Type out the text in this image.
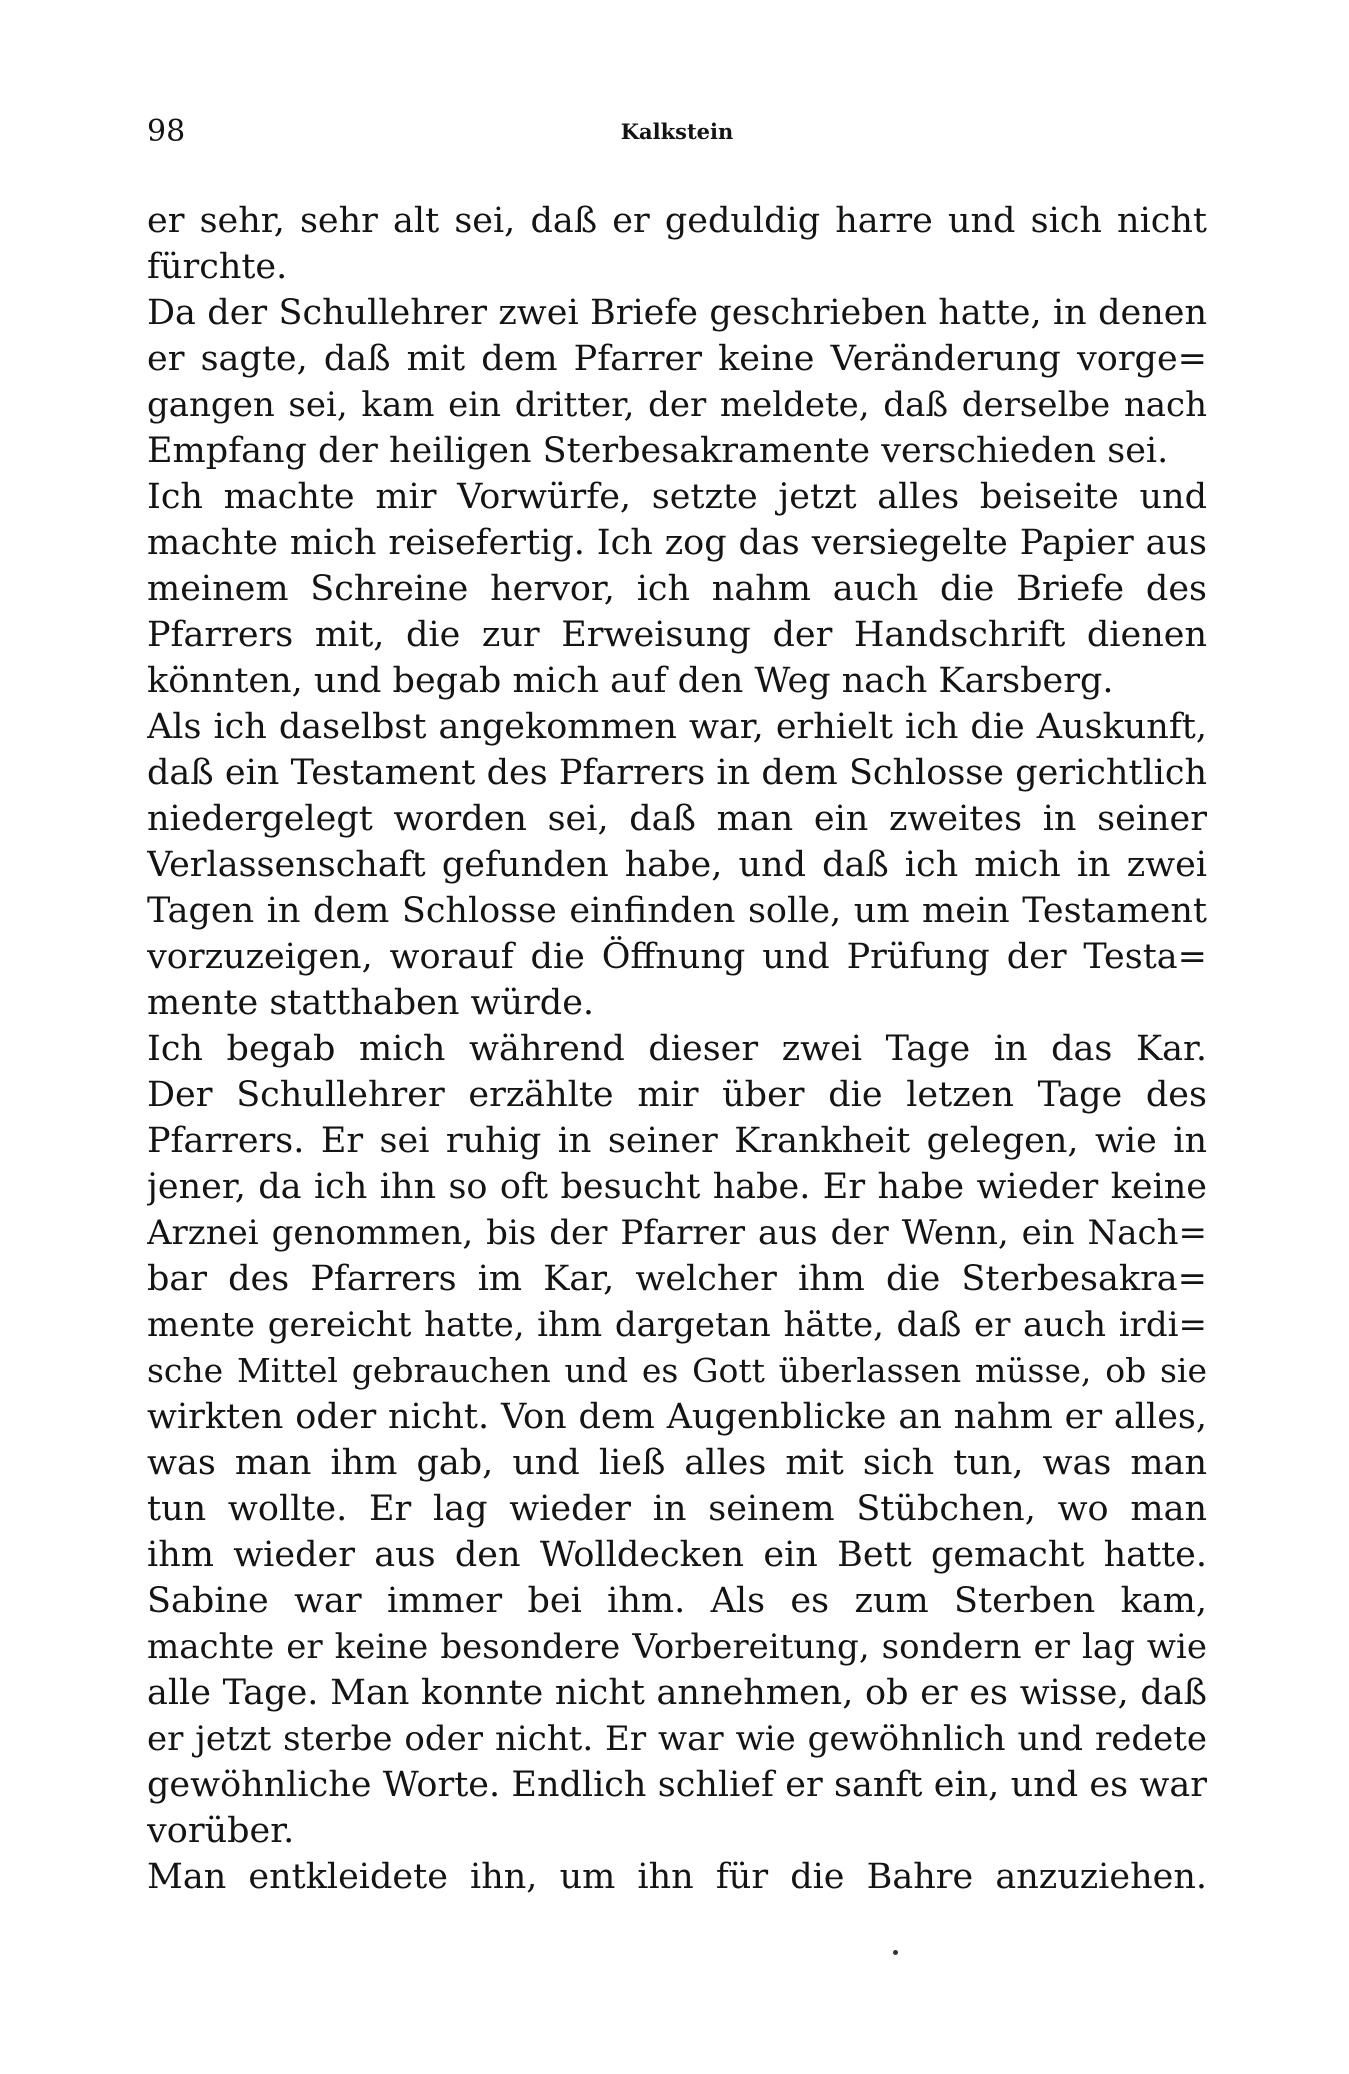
98	Kalkstein
er sehr, sehr alt sei, daß er geduldig harre und sich nicht
fürchte.
Da der Schullehrer zwei Briefe geschrieben hatte, in denen
er sagte, daß mit dem Pfarrer keine Veränderung vorge=
gangen sei, kam ein dritter, der meldete, daß derselbe nach
Empfang der heiligen Sterbesakramente verschieden sei.
Ich machte mir Vorwürfe, setzte jetzt alles beiseite und
machte mich reisefertig. Ich zog das versiegelte Papier aus
meinem Schreine hervor, ich nahm auch die Briefe des
Pfarrers mit, die zur Erweisung der Handschrift dienen
könnten, und begab mich auf den Weg nach Karsberg.
Als ich daselbst angekommen war, erhielt ich die Auskunft,
daß ein Testament des Pfarrers in dem Schlosse gerichtlich
niedergelegt worden sei, daß man ein zweites in seiner
Verlassenschaft gefunden habe, und daß ich mich in zwei
Tagen in dem Schlosse einfinden solle, um mein Testament
vorzuzeigen, worauf die Öffnung und Prüfung der Testa=
mente statthaben würde.
Ich begab mich während dieser zwei Tage in das Kar.
Der Schullehrer erzählte mir über die letzen Tage des
Pfarrers. Er sei ruhig in seiner Krankheit gelegen, wie in
jener, da ich ihn so oft besucht habe. Er habe wieder keine
Arznei genommen, bis der Pfarrer aus der Wenn, ein Nach=
bar des Pfarrers im Kar, welcher ihm die Sterbesakra=
mente gereicht hatte, ihm dargetan hätte, daß er auch irdi=
sche Mittel gebrauchen und es Gott überlassen müsse, ob sie
wirkten oder nicht. Von dem Augenblicke an nahm er alles,
was man ihm gab, und ließ alles mit sich tun, was man
tun wollte. Er lag wieder in seinem Stübchen, wo man
ihm wieder aus den Wolldecken ein Bett gemacht hatte.
Sabine war immer bei ihm. Als es zum Sterben kam,
machte er keine besondere Vorbereitung, sondern er lag wie
alle Tage. Man konnte nicht annehmen, ob er es wisse, daß
er jetzt sterbe oder nicht. Er war wie gewöhnlich und redete
gewöhnliche Worte. Endlich schlief er sanft ein, und es war
vorüber.
Man entkleidete ihn, um ihn für die Bahre anzuziehen.
